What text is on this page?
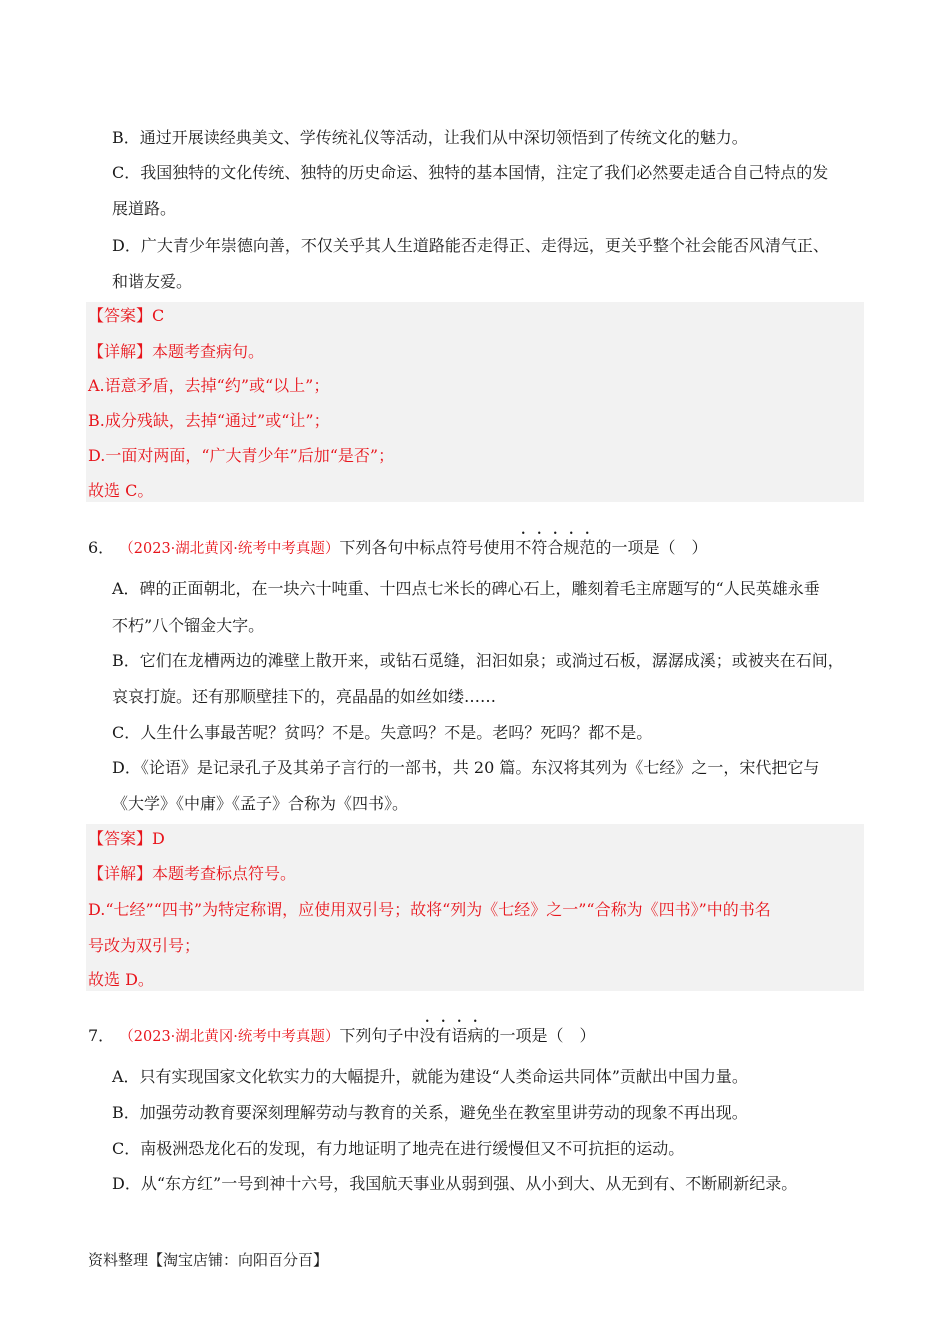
B．通过开展读经典美文、学传统礼仪等活动，让我们从中深切领悟到了传统文化的魅力。
C．我国独特的文化传统、独特的历史命运、独特的基本国情，注定了我们必然要走适合自己特点的发
展道路。
D．广大青少年崇德向善，不仅关乎其人生道路能否走得正、走得远，更关乎整个社会能否风清气正、
和谐友爱。
【答案】C
【详解】本题考查病句。
A.语意矛盾，去掉“约”或“以上”；
B.成分残缺，去掉“通过”或“让”；
D.一面对两面，“广大青少年”后加“是否”；
故选 C。
6． （2023·湖北黄冈·统考中考真题）下列各句中标点符号使用不符合规范的一项是（　）
A．碑的正面朝北，在一块六十吨重、十四点七米长的碑心石上，雕刻着毛主席题写的“人民英雄永垂
不朽”八个镏金大字。
B．它们在龙槽两边的滩壁上散开来，或钻石觅缝，汩汩如泉；或淌过石板，潺潺成溪；或被夹在石间，
哀哀打旋。还有那顺壁挂下的，亮晶晶的如丝如缕……
C．人生什么事最苦呢？贫吗？不是。失意吗？不是。老吗？死吗？都不是。
D．《论语》是记录孔子及其弟子言行的一部书，共 20 篇。东汉将其列为《七经》之一，宋代把它与
《大学》《中庸》《孟子》合称为《四书》。
【答案】D
【详解】本题考查标点符号。
D.“七经”“四书”为特定称谓，应使用双引号；故将“列为《七经》之一”“合称为《四书》”中的书名
号改为双引号；
故选 D。
7． （2023·湖北黄冈·统考中考真题）下列句子中没有语病的一项是（　）
A．只有实现国家文化软实力的大幅提升，就能为建设“人类命运共同体”贡献出中国力量。
B．加强劳动教育要深刻理解劳动与教育的关系，避免坐在教室里讲劳动的现象不再出现。
C．南极洲恐龙化石的发现，有力地证明了地壳在进行缓慢但又不可抗拒的运动。
D．从“东方红”一号到神十六号，我国航天事业从弱到强、从小到大、从无到有、不断刷新纪录。
资料整理【淘宝店铺：向阳百分百】
